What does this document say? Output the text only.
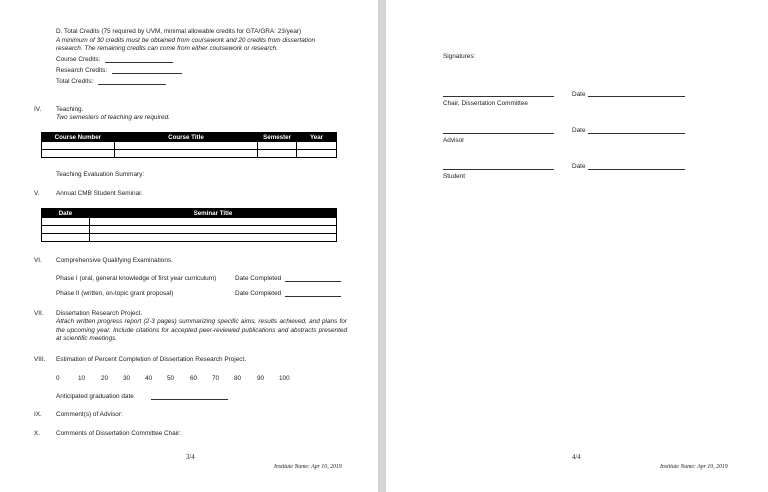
D. Total Credits (75 required by UVM, minimal allowable credits for GTA/GRA: 23/year)
A minimum of 30 credits must be obtained from coursework and 20 credits from dissertation
research. The remaining credits can come from either coursework or research.
Course Credits:
Research Credits:
Total Credits:
IV. Teaching.
Two semesters of teaching are required.
Course Number	Course Title	Semester	Year

Teaching Evaluation Summary:
V.	Annual CMB Student Seminar.
Date	Seminar Title

VI. Comprehensive Qualifying Examinations.
Phase I (oral, general knowledge of first year curriculum)	Date Completed
Phase II (written, on-topic grant proposal)	Date Completed
VII. Dissertation Research Project.
Attach written progress report (2-3 pages) summarizing specific aims, results achieved, and plans for the upcoming year. Include citations for accepted peer-reviewed publications and abstracts presented at scientific meetings.
VIII. Estimation of Percent Completion of Dissertation Research Project.
0	10 20 30 40 50 60 70 80 90 100
Anticipated graduation date
IX. Comment(s) of Advisor:
X. Comments of Dissertation Committee Chair:
3/4
Institute Name: Apr 10, 2019
Signatures:
Date
Chair, Dissertation Committee
Date
Advisor
Date
Student
4/4
Institute Name: Apr 10, 2019
